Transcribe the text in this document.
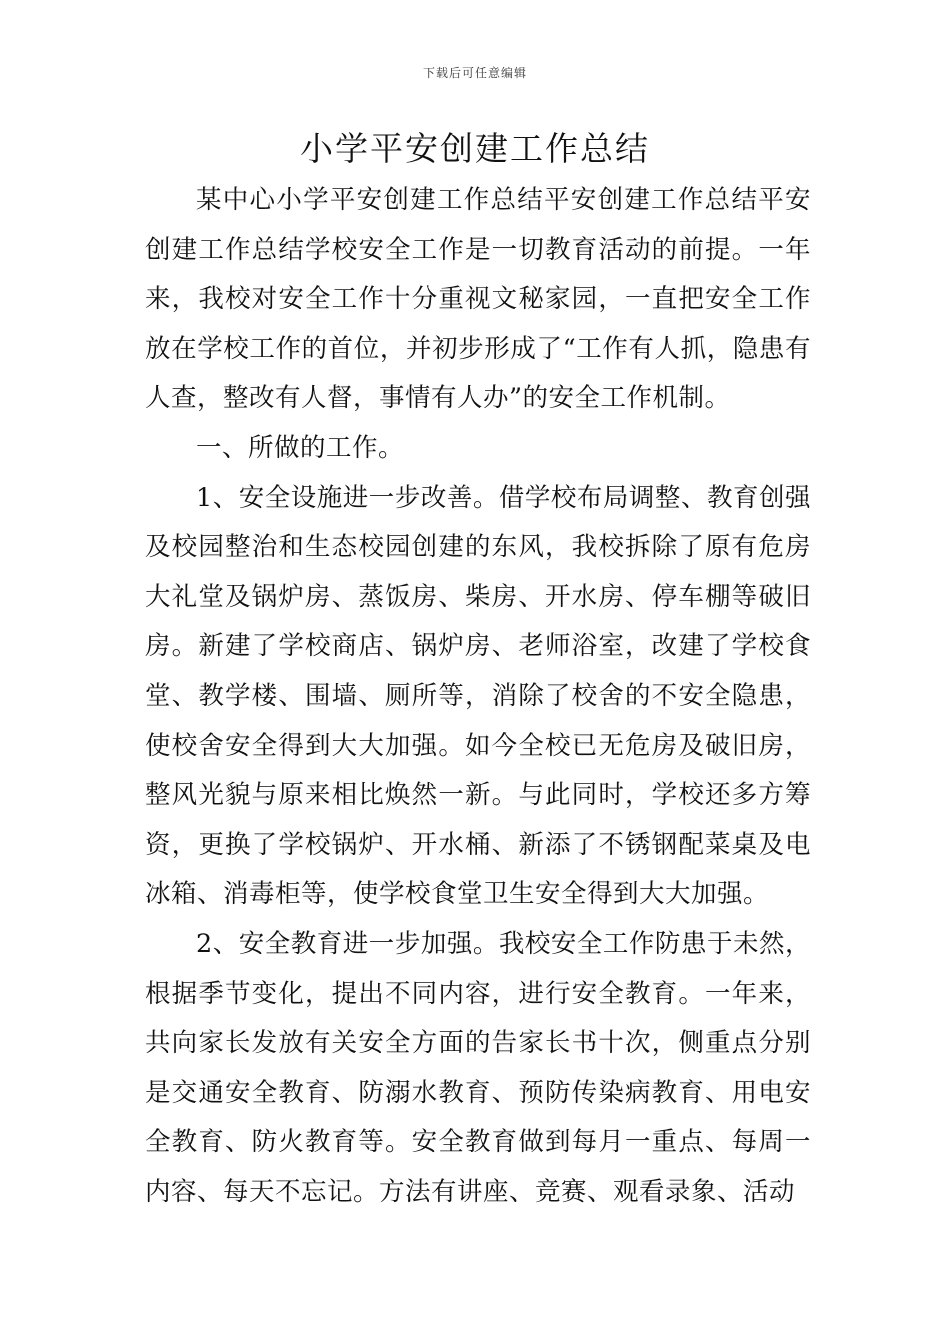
下载后可任意编辑
小学平安创建工作总结

某中心小学平安创建工作总结平安创建工作总结平安创建工作总结学校安全工作是一切教育活动的前提。一年来，我校对安全工作十分重视文秘家园，一直把安全工作放在学校工作的首位，并初步形成了“工作有人抓，隐患有人查，整改有人督，事情有人办”的安全工作机制。

一、所做的工作。

1、安全设施进一步改善。借学校布局调整、教育创强及校园整治和生态校园创建的东风，我校拆除了原有危房大礼堂及锅炉房、蒸饭房、柴房、开水房、停车棚等破旧房。新建了学校商店、锅炉房、老师浴室，改建了学校食堂、教学楼、围墙、厕所等，消除了校舍的不安全隐患，使校舍安全得到大大加强。如今全校已无危房及破旧房，整风光貌与原来相比焕然一新。与此同时，学校还多方筹资，更换了学校锅炉、开水桶、新添了不锈钢配菜桌及电冰箱、消毒柜等，使学校食堂卫生安全得到大大加强。

2、安全教育进一步加强。我校安全工作防患于未然，根据季节变化，提出不同内容，进行安全教育。一年来，共向家长发放有关安全方面的告家长书十次，侧重点分别是交通安全教育、防溺水教育、预防传染病教育、用电安全教育、防火教育等。安全教育做到每月一重点、每周一内容、每天不忘记。方法有讲座、竞赛、观看录象、活动
